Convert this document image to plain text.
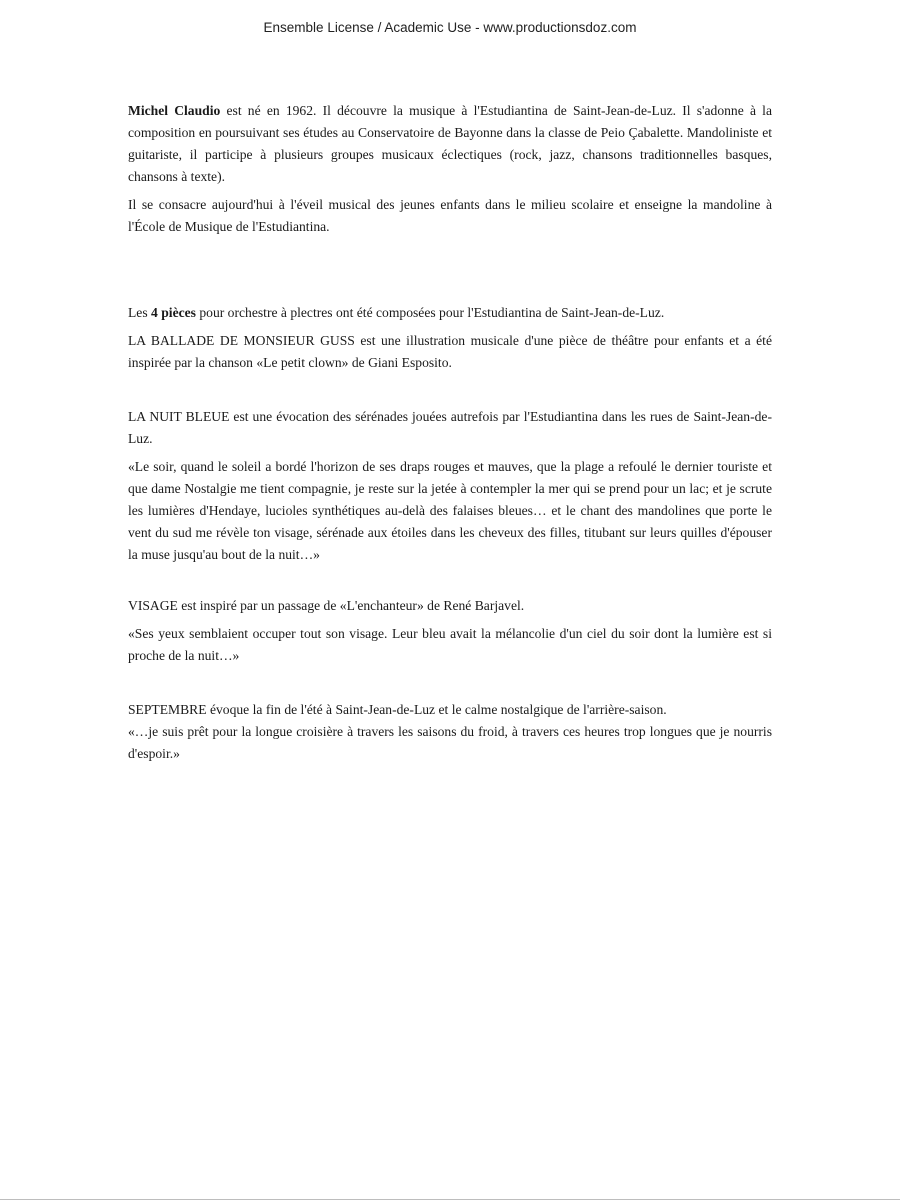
Ensemble License / Academic Use - www.productionsdoz.com

Michel Claudio est né en 1962. Il découvre la musique à l'Estudiantina de Saint-Jean-de-Luz. Il s'adonne à la composition en poursuivant ses études au Conservatoire de Bayonne dans la classe de Peio Çabalette. Mandoliniste et guitariste, il participe à plusieurs groupes musicaux éclectiques (rock, jazz, chansons traditionnelles basques, chansons à texte).

Il se consacre aujourd'hui à l'éveil musical des jeunes enfants dans le milieu scolaire et enseigne la mandoline à l'École de Musique de l'Estudiantina.

Les 4 pièces pour orchestre à plectres ont été composées pour l'Estudiantina de Saint-Jean-de-Luz.

LA BALLADE DE MONSIEUR GUSS est une illustration musicale d'une pièce de théâtre pour enfants et a été inspirée par la chanson «Le petit clown» de Giani Esposito.

LA NUIT BLEUE est une évocation des sérénades jouées autrefois par l'Estudiantina dans les rues de Saint-Jean-de-Luz.

«Le soir, quand le soleil a bordé l'horizon de ses draps rouges et mauves, que la plage a refoulé le dernier touriste et que dame Nostalgie me tient compagnie, je reste sur la jetée à contempler la mer qui se prend pour un lac; et je scrute les lumières d'Hendaye, lucioles synthétiques au-delà des falaises bleues… et le chant des mandolines que porte le vent du sud me révèle ton visage, sérénade aux étoiles dans les cheveux des filles, titubant sur leurs quilles d'épouser la muse jusqu'au bout de la nuit…»

VISAGE est inspiré par un passage de «L'enchanteur» de René Barjavel.

«Ses yeux semblaient occuper tout son visage. Leur bleu avait la mélancolie d'un ciel du soir dont la lumière est si proche de la nuit…»

SEPTEMBRE évoque la fin de l'été à Saint-Jean-de-Luz et le calme nostalgique de l'arrière-saison.

«…je suis prêt pour la longue croisière à travers les saisons du froid, à travers ces heures trop longues que je nourris d'espoir.»
